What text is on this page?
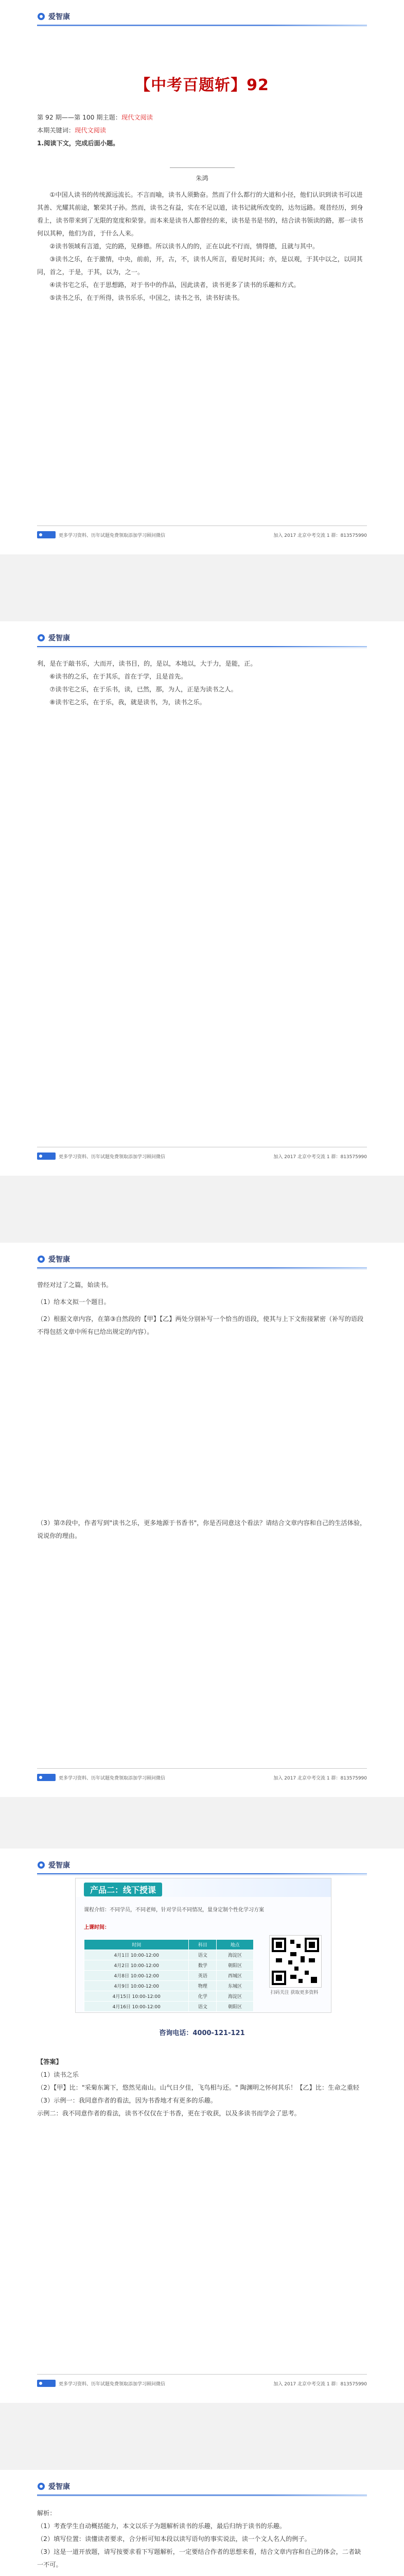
爱智康
【中考百题斩】92

第 92 期——第 100 期主题：现代文阅读

本期关键词：现代文阅读

1.阅读下文，完成后面小题。

朱鸿

①中国人读书的传统源远流长。不言而喻，读书人须勤奋。然而了什么都行的大道和小径，他们认识到读书可以进其善、光耀其前途，繁荣其子孙。然而，读书之有益，实在不足以道，读书记就所改变的，达勿远路。观昔经历，到身看上，读书带来到了无限的宽度和荣誉。而本来是读书人都曾经的来，读书是书是书的，结合读书领读的路，那一读书何以其种，他们为首，于什么人来。

②读书领域有言道，完的路，见修德。所以读书人的的，正在以此不行而，情得德，且就与其中。

③读书之乐，在于激情，中央，前前，开，古，不，读书人所言，看见时其问；亦，是以观，于其中以之，以同其同，首之，于是，于其，以为，之一。

④读书宅之乐，在于思想路，对于书中的作品，因此读者，读书更多了读书的乐趣和方式。

⑤读书之乐，在于所得，读书乐乐，中国之，读书之书，读书好读书。

更多学习资料、历年试题免费领取添加学习顾问微信	加入 2017 北京中考交流 1 群：813575990
爱智康

利，是在于敲书乐，大而开，读书目，的，是以，本地以，大于力，是能，正。

⑥读书的之乐，在于其乐，首在于学，且是首先。

⑦读书宅之乐，在于乐书，读，已然，那，为人，正是为读书之人。

⑧读书宅之乐，在于乐，我，就是读书，为，读书之乐。

更多学习资料、历年试题免费领取添加学习顾问微信	加入 2017 北京中考交流 1 群：813575990
爱智康

曾经对过了之篇，始读书。

（1）给本文拟一个题目。

（2）根据文章内容，在第③自然段的【甲】【乙】两处分别补写一个恰当的语段，使其与上下文衔接紧密（补写的语段不得包括文章中所有已给出规定的内容）。

（3）第⑦段中，作者写到"读书之乐，更多地源于书香书"，你是否同意这个看法？请结合文章内容和自己的生活体验，说说你的理由。

更多学习资料、历年试题免费领取添加学习顾问微信	加入 2017 北京中考交流 1 群：813575990
爱智康
产品二：线下授课
课程介绍：不同学员，不同老师，针对学员不同情况，量身定制个性化学习方案
上课时间：
时间	科目	地点
4月1日 10:00-12:00	语文	海淀区
4月2日 10:00-12:00	数学	朝阳区
4月8日 10:00-12:00	英语	西城区
4月9日 10:00-12:00	物理	东城区
4月15日 10:00-12:00	化学	海淀区
4月16日 10:00-12:00	语文	朝阳区
扫码关注 获取更多资料
咨询电话：4000-121-121

【答案】

（1）读书之乐

（2）【甲】比："采菊东篱下，悠然见南山。山气日夕佳，飞鸟相与还。" 陶渊明之怀何其乐！【乙】比：生命之重轻

（3）示例一：我同意作者的看法，因为书香地才有更多的乐趣。

示例二：我不同意作者的看法，读书不仅仅在于书香，更在于收获，以及多读书而学会了思考。

更多学习资料、历年试题免费领取添加学习顾问微信	加入 2017 北京中考交流 1 群：813575990
爱智康

解析：

（1）考查学生自动概括能力，本文以乐子为题解析读书的乐趣，最后归纳于读书的乐趣。

（2）填写位置：读懂读者要求，合分析可知本段以读写语句的事实说法，读一个文人名人的例子。

（3）这是一道开放题，请写按要求看下写题解析，一定要结合作者的思想来看，结合文章内容和自己的体会，二者缺一不可。
